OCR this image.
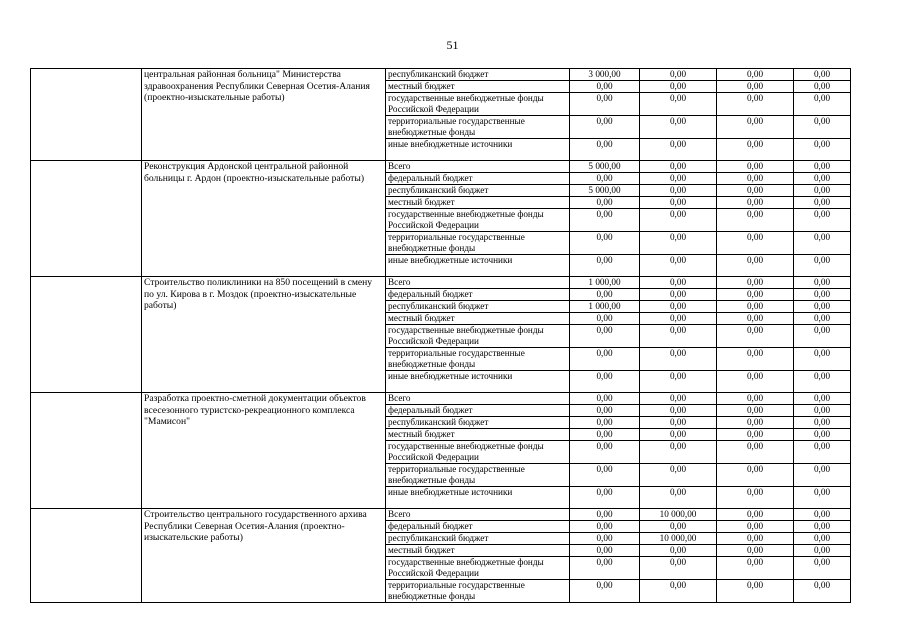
51
	центральная районная больница" Министерства здравоохранения Республики Северная Осетия-Алания (проектно-изыскательные работы)	республиканский бюджет	3 000,00	0,00	0,00	0,00
		местный бюджет	0,00	0,00	0,00	0,00
		государственные внебюджетные фонды Российской Федерации	0,00	0,00	0,00	0,00
		территориальные государственные внебюджетные фонды	0,00	0,00	0,00	0,00
		иные внебюджетные источники	0,00	0,00	0,00	0,00
	Реконструкция Ардонской центральной районной больницы г. Ардон (проектно-изыскательные работы)	Всего	5 000,00	0,00	0,00	0,00
		федеральный бюджет	0,00	0,00	0,00	0,00
		республиканский бюджет	5 000,00	0,00	0,00	0,00
		местный бюджет	0,00	0,00	0,00	0,00
		государственные внебюджетные фонды Российской Федерации	0,00	0,00	0,00	0,00
		территориальные государственные внебюджетные фонды	0,00	0,00	0,00	0,00
		иные внебюджетные источники	0,00	0,00	0,00	0,00
	Строительство поликлиники на 850 посещений в смену по ул. Кирова в г. Моздок (проектно-изыскательные работы)	Всего	1 000,00	0,00	0,00	0,00
		федеральный бюджет	0,00	0,00	0,00	0,00
		республиканский бюджет	1 000,00	0,00	0,00	0,00
		местный бюджет	0,00	0,00	0,00	0,00
		государственные внебюджетные фонды Российской Федерации	0,00	0,00	0,00	0,00
		территориальные государственные внебюджетные фонды	0,00	0,00	0,00	0,00
		иные внебюджетные источники	0,00	0,00	0,00	0,00
	Разработка проектно-сметной документации объектов всесезонного туристско-рекреационного комплекса "Мамисон"	Всего	0,00	0,00	0,00	0,00
		федеральный бюджет	0,00	0,00	0,00	0,00
		республиканский бюджет	0,00	0,00	0,00	0,00
		местный бюджет	0,00	0,00	0,00	0,00
		государственные внебюджетные фонды Российской Федерации	0,00	0,00	0,00	0,00
		территориальные государственные внебюджетные фонды	0,00	0,00	0,00	0,00
		иные внебюджетные источники	0,00	0,00	0,00	0,00
	Строительство центрального государственного архива Республики Северная Осетия-Алания (проектно-изыскательские работы)	Всего	0,00	10 000,00	0,00	0,00
		федеральный бюджет	0,00	0,00	0,00	0,00
		республиканский бюджет	0,00	10 000,00	0,00	0,00
		местный бюджет	0,00	0,00	0,00	0,00
		государственные внебюджетные фонды Российской Федерации	0,00	0,00	0,00	0,00
		территориальные государственные внебюджетные фонды	0,00	0,00	0,00	0,00
